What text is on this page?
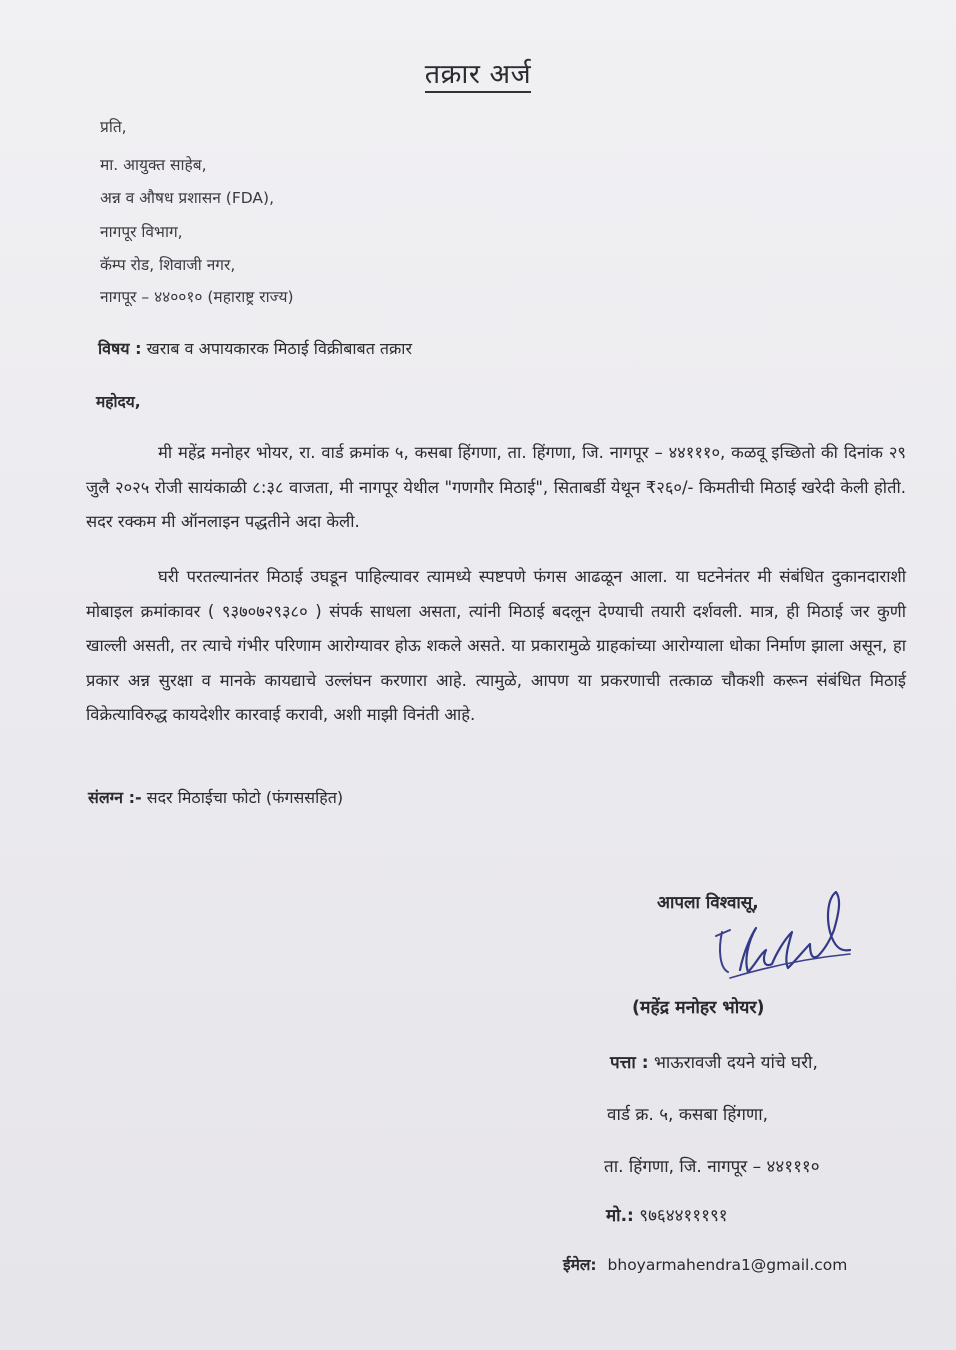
तक्रार अर्ज
प्रति,
मा. आयुक्त साहेब,
अन्न व औषध प्रशासन (FDA),
नागपूर विभाग,
कॅम्प रोड, शिवाजी नगर,
नागपूर – ४४००१० (महाराष्ट्र राज्य)
विषय : खराब व अपायकारक मिठाई विक्रीबाबत तक्रार
महोदय,
मी महेंद्र मनोहर भोयर, रा. वार्ड क्रमांक ५, कसबा हिंगणा, ता. हिंगणा, जि. नागपूर – ४४१११०, कळवू इच्छितो की दिनांक २९ जुलै २०२५ रोजी सायंकाळी ८:३८ वाजता, मी नागपूर येथील "गणगौर मिठाई", सिताबर्डी येथून ₹२६०/- किमतीची मिठाई खरेदी केली होती. सदर रक्कम मी ऑनलाइन पद्धतीने अदा केली.
घरी परतल्यानंतर मिठाई उघडून पाहिल्यावर त्यामध्ये स्पष्टपणे फंगस आढळून आला. या घटनेनंतर मी संबंधित दुकानदाराशी मोबाइल क्रमांकावर ( ९३७०७२९३८० ) संपर्क साधला असता, त्यांनी मिठाई बदलून देण्याची तयारी दर्शवली. मात्र, ही मिठाई जर कुणी खाल्ली असती, तर त्याचे गंभीर परिणाम आरोग्यावर होऊ शकले असते. या प्रकारामुळे ग्राहकांच्या आरोग्याला धोका निर्माण झाला असून, हा प्रकार अन्न सुरक्षा व मानके कायद्याचे उल्लंघन करणारा आहे. त्यामुळे, आपण या प्रकरणाची तत्काळ चौकशी करून संबंधित मिठाई विक्रेत्याविरुद्ध कायदेशीर कारवाई करावी, अशी माझी विनंती आहे.
संलग्न :- सदर मिठाईचा फोटो (फंगससहित)
आपला विश्वासू,
(महेंद्र मनोहर भोयर)
पत्ता : भाऊरावजी दयने यांचे घरी,
वार्ड क्र. ५, कसबा हिंगणा,
ता. हिंगणा, जि. नागपूर – ४४१११०
मो.: ९७६४४१११९१
ईमेल: bhoyarmahendra1@gmail.com
